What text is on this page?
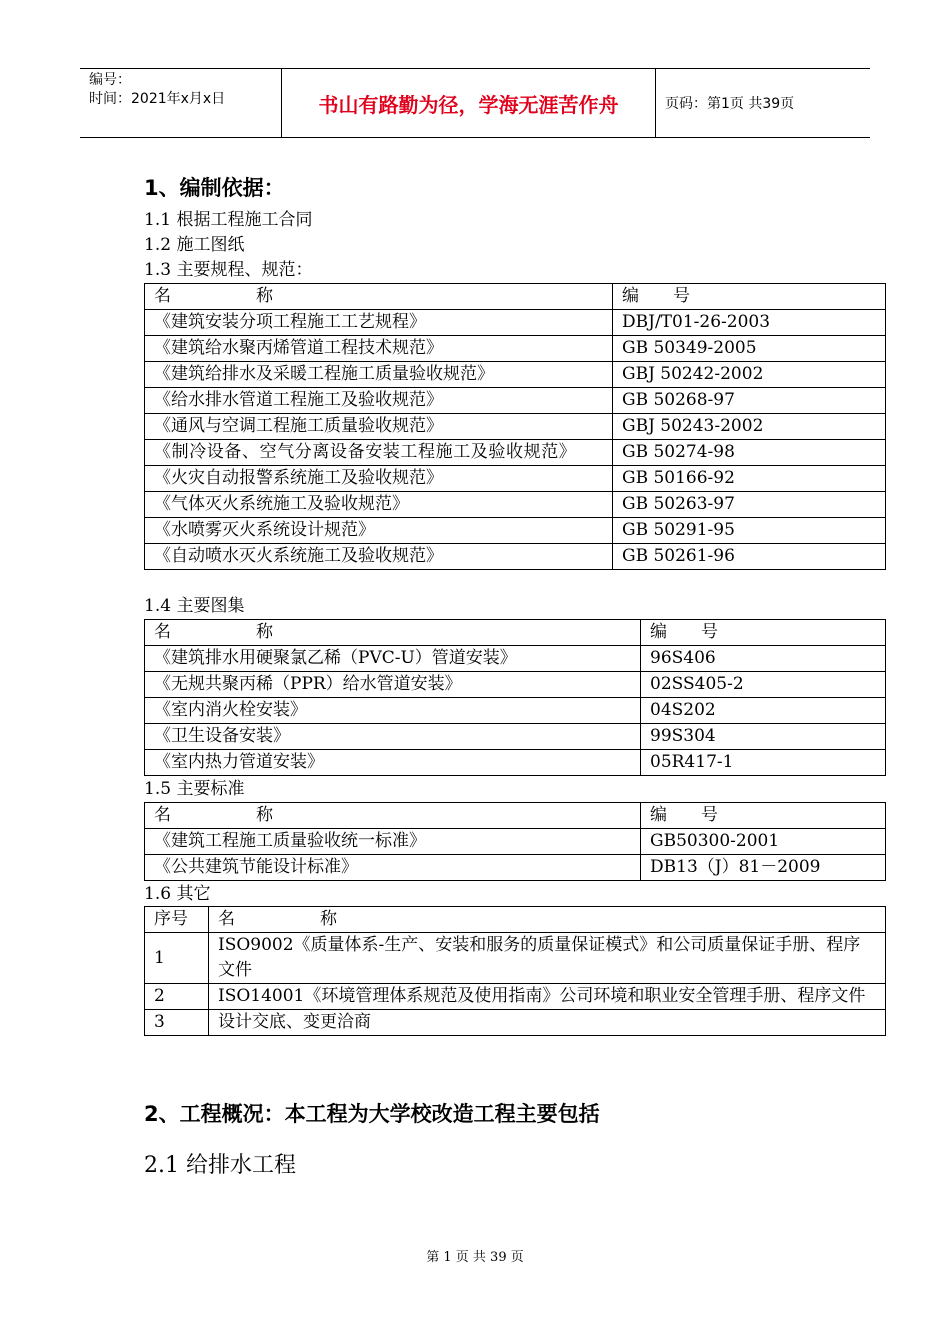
编号：
时间：2021年x月x日	书山有路勤为径，学海无涯苦作舟	页码：第1页 共39页
1、编制依据：
1.1 根据工程施工合同
1.2 施工图纸
1.3 主要规程、规范：
名　　　　　称	编　　号
《建筑安装分项工程施工工艺规程》	DBJ/T01-26-2003
《建筑给水聚丙烯管道工程技术规范》	GB 50349-2005
《建筑给排水及采暖工程施工质量验收规范》	GBJ 50242-2002
《给水排水管道工程施工及验收规范》	GB 50268-97
《通风与空调工程施工质量验收规范》	GBJ 50243-2002
《制冷设备、空气分离设备安装工程施工及验收规范》	GB 50274-98
《火灾自动报警系统施工及验收规范》	GB 50166-92
《气体灭火系统施工及验收规范》	GB 50263-97
《水喷雾灭火系统设计规范》	GB 50291-95
《自动喷水灭火系统施工及验收规范》	GB 50261-96
1.4 主要图集
名　　　　　称	编　　号
《建筑排水用硬聚氯乙稀（PVC-U）管道安装》	96S406
《无规共聚丙稀（PPR）给水管道安装》	02SS405-2
《室内消火栓安装》	04S202
《卫生设备安装》	99S304
《室内热力管道安装》	05R417-1
1.5 主要标准
名　　　　　称	编　　号
《建筑工程施工质量验收统一标准》	GB50300-2001
《公共建筑节能设计标准》	DB13（J）81－2009
1.6 其它
序号	名　　　　　称
1	ISO9002《质量体系-生产、安装和服务的质量保证模式》和公司质量保证手册、程序文件
2	ISO14001《环境管理体系规范及使用指南》公司环境和职业安全管理手册、程序文件
3	设计交底、变更洽商
2、工程概况：本工程为大学校改造工程主要包括
2.1 给排水工程
第 1 页 共 39 页
